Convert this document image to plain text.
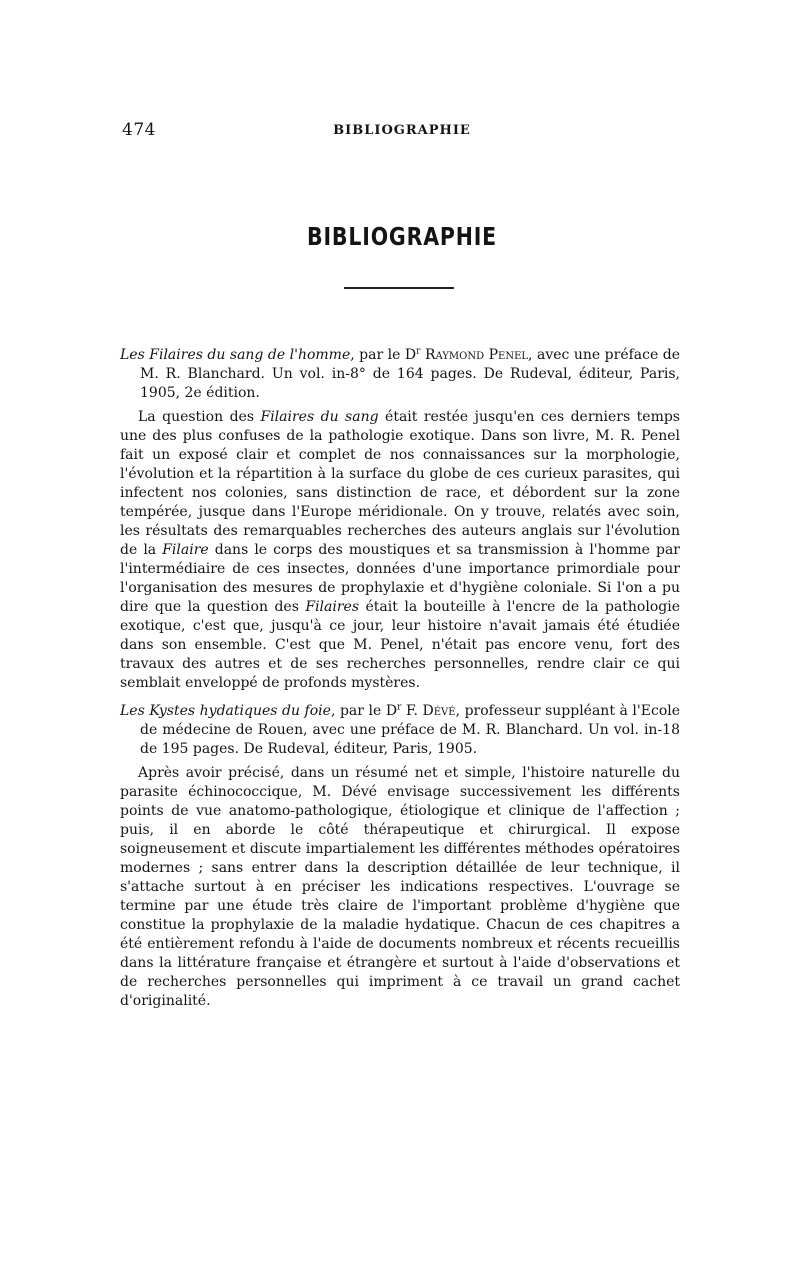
474	BIBLIOGRAPHIE
BIBLIOGRAPHIE

Les Filaires du sang de l'homme, par le $D^r$ Raymond Penel, avec une préface de M. R. Blanchard. Un vol. in-8° de 164 pages. De Rudeval, éditeur, Paris, 1905, 2e édition.

La question des Filaires du sang était restée jusqu'en ces derniers temps une des plus confuses de la pathologie exotique. Dans son livre, M. R. Penel fait un exposé clair et complet de nos connaissances sur la morphologie, l'évolution et la répartition à la surface du globe de ces curieux parasites, qui infectent nos colonies, sans distinction de race, et débordent sur la zone tempérée, jusque dans l'Europe méridionale. On y trouve, relatés avec soin, les résultats des remarquables recherches des auteurs anglais sur l'évolution de la Filaire dans le corps des moustiques et sa transmission à l'homme par l'intermédiaire de ces insectes, données d'une importance primordiale pour l'organisation des mesures de prophylaxie et d'hygiène coloniale. Si l'on a pu dire que la question des Filaires était la bouteille à l'encre de la pathologie exotique, c'est que, jusqu'à ce jour, leur histoire n'avait jamais été étudiée dans son ensemble. C'est que M. Penel, n'était pas encore venu, fort des travaux des autres et de ses recherches personnelles, rendre clair ce qui semblait enveloppé de profonds mystères.

Les Kystes hydatiques du foie, par le $D^r$ F. Dévé, professeur suppléant à l'Ecole de médecine de Rouen, avec une préface de M. R. Blanchard. Un vol. in-18 de 195 pages. De Rudeval, éditeur, Paris, 1905.

Après avoir précisé, dans un résumé net et simple, l'histoire naturelle du parasite échinococcique, M. Dévé envisage successivement les différents points de vue anatomo-pathologique, étiologique et clinique de l'affection ; puis, il en aborde le côté thérapeutique et chirurgical. Il expose soigneusement et discute impartialement les différentes méthodes opératoires modernes ; sans entrer dans la description détaillée de leur technique, il s'attache surtout à en préciser les indications respectives. L'ouvrage se termine par une étude très claire de l'important problème d'hygiène que constitue la prophylaxie de la maladie hydatique. Chacun de ces chapitres a été entièrement refondu à l'aide de documents nombreux et récents recueillis dans la littérature française et étrangère et surtout à l'aide d'observations et de recherches personnelles qui impriment à ce travail un grand cachet d'originalité.
